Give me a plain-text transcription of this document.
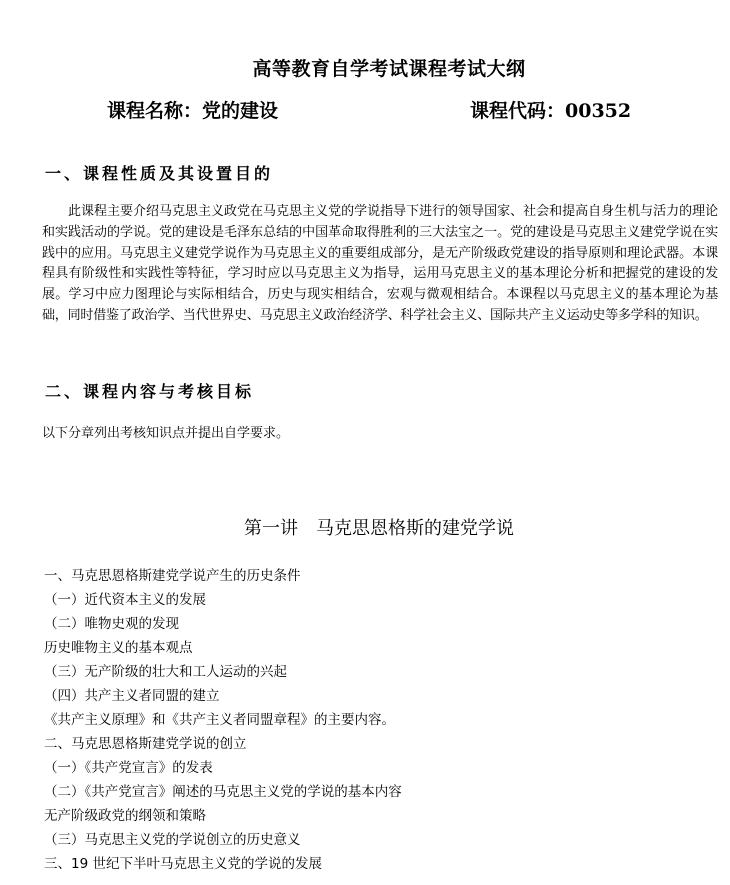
高等教育自学考试课程考试大纲
课程名称：党的建设	课程代码：00352
一、课程性质及其设置目的
此课程主要介绍马克思主义政党在马克思主义党的学说指导下进行的领导国家、社会和提高自身生机与活力的理论和实践活动的学说。党的建设是毛泽东总结的中国革命取得胜利的三大法宝之一。党的建设是马克思主义建党学说在实践中的应用。马克思主义建党学说作为马克思主义的重要组成部分，是无产阶级政党建设的指导原则和理论武器。本课程具有阶级性和实践性等特征，学习时应以马克思主义为指导，运用马克思主义的基本理论分析和把握党的建设的发展。学习中应力图理论与实际相结合，历史与现实相结合，宏观与微观相结合。本课程以马克思主义的基本理论为基础，同时借鉴了政治学、当代世界史、马克思主义政治经济学、科学社会主义、国际共产主义运动史等多学科的知识。
二、课程内容与考核目标
以下分章列出考核知识点并提出自学要求。
第一讲　马克思恩格斯的建党学说
一、马克思恩格斯建党学说产生的历史条件
（一）近代资本主义的发展
（二）唯物史观的发现
历史唯物主义的基本观点
（三）无产阶级的壮大和工人运动的兴起
（四）共产主义者同盟的建立
《共产主义原理》和《共产主义者同盟章程》的主要内容。
二、马克思恩格斯建党学说的创立
（一）《共产党宣言》的发表
（二）《共产党宣言》阐述的马克思主义党的学说的基本内容
无产阶级政党的纲领和策略
（三）马克思主义党的学说创立的历史意义
三、19 世纪下半叶马克思主义党的学说的发展
